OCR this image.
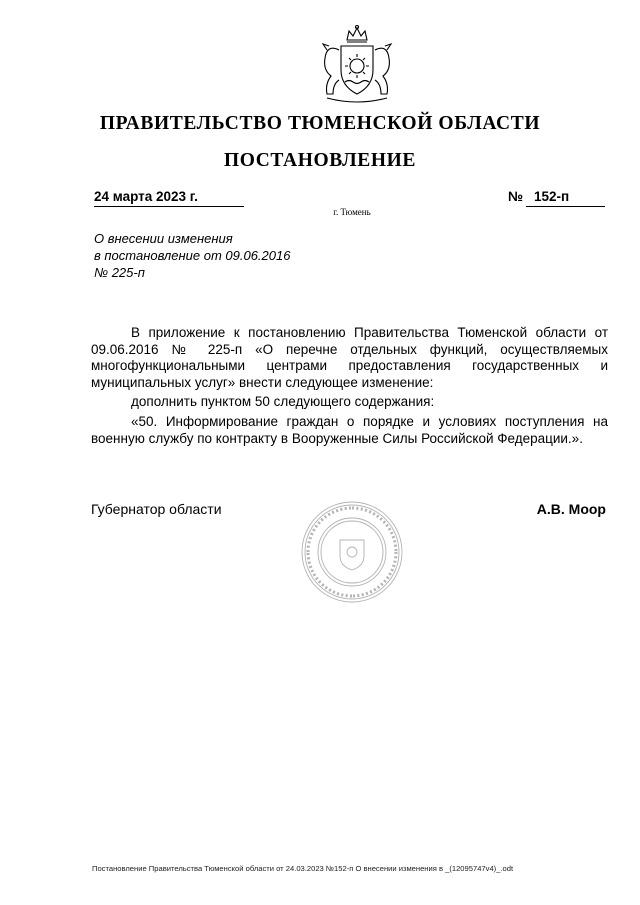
ПРАВИТЕЛЬСТВО ТЮМЕНСКОЙ ОБЛАСТИ
ПОСТАНОВЛЕНИЕ
24 марта 2023 г.	№ 152-п
г. Тюмень
О внесении изменения
в постановление от 09.06.2016
№ 225-п

В приложение к постановлению Правительства Тюменской области от 09.06.2016 № 225-п «О перечне отдельных функций, осуществляемых многофункциональными центрами предоставления государственных и муниципальных услуг» внести следующее изменение:

дополнить пунктом 50 следующего содержания:

«50. Информирование граждан о порядке и условиях поступления на военную службу по контракту в Вооруженные Силы Российской Федерации.».

Губернатор области	А.В. Моор
Постановление Правительства Тюменской области от 24.03.2023 №152-п О внесении изменения в _(12095747v4)_.odt
